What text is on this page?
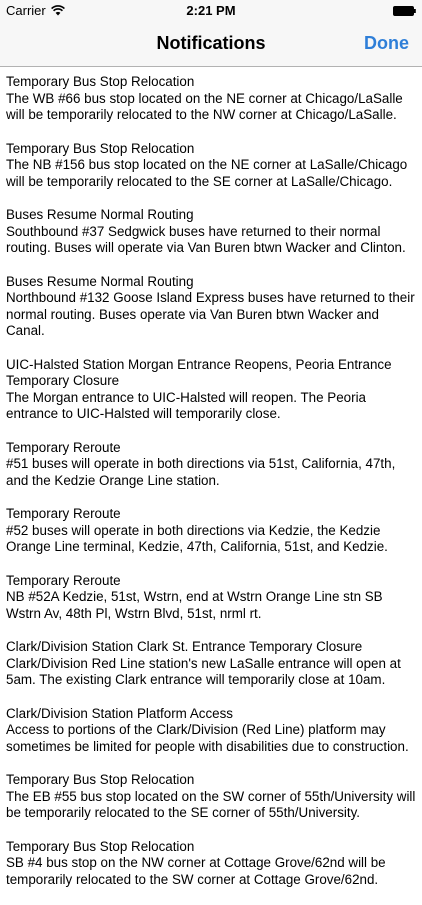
Carrier	2:21 PM
Notifications	Done
Temporary Bus Stop Relocation
The WB #66 bus stop located on the NE corner at Chicago/LaSalle will be temporarily relocated to the NW corner at Chicago/LaSalle.
Temporary Bus Stop Relocation
The NB #156 bus stop located on the NE corner at LaSalle/Chicago will be temporarily relocated to the SE corner at LaSalle/Chicago.
Buses Resume Normal Routing
Southbound #37 Sedgwick buses have returned to their normal routing. Buses will operate via Van Buren btwn Wacker and Clinton.
Buses Resume Normal Routing
Northbound #132 Goose Island Express buses have returned to their normal routing. Buses operate via Van Buren btwn Wacker and Canal.
UIC-Halsted Station Morgan Entrance Reopens, Peoria Entrance Temporary Closure
The Morgan entrance to UIC-Halsted will reopen. The Peoria entrance to UIC-Halsted will temporarily close.
Temporary Reroute
#51 buses will operate in both directions via 51st, California, 47th, and the Kedzie Orange Line station.
Temporary Reroute
#52 buses will operate in both directions via Kedzie, the Kedzie Orange Line terminal, Kedzie, 47th, California, 51st, and Kedzie.
Temporary Reroute
NB #52A Kedzie, 51st, Wstrn, end at Wstrn Orange Line stn SB Wstrn Av, 48th Pl, Wstrn Blvd, 51st, nrml rt.
Clark/Division Station Clark St. Entrance Temporary Closure
Clark/Division Red Line station's new LaSalle entrance will open at 5am. The existing Clark entrance will temporarily close at 10am.
Clark/Division Station Platform Access
Access to portions of the Clark/Division (Red Line) platform may sometimes be limited for people with disabilities due to construction.
Temporary Bus Stop Relocation
The EB #55 bus stop located on the SW corner of 55th/University will be temporarily relocated to the SE corner of 55th/University.
Temporary Bus Stop Relocation
SB #4 bus stop on the NW corner at Cottage Grove/62nd will be temporarily relocated to the SW corner at Cottage Grove/62nd.
